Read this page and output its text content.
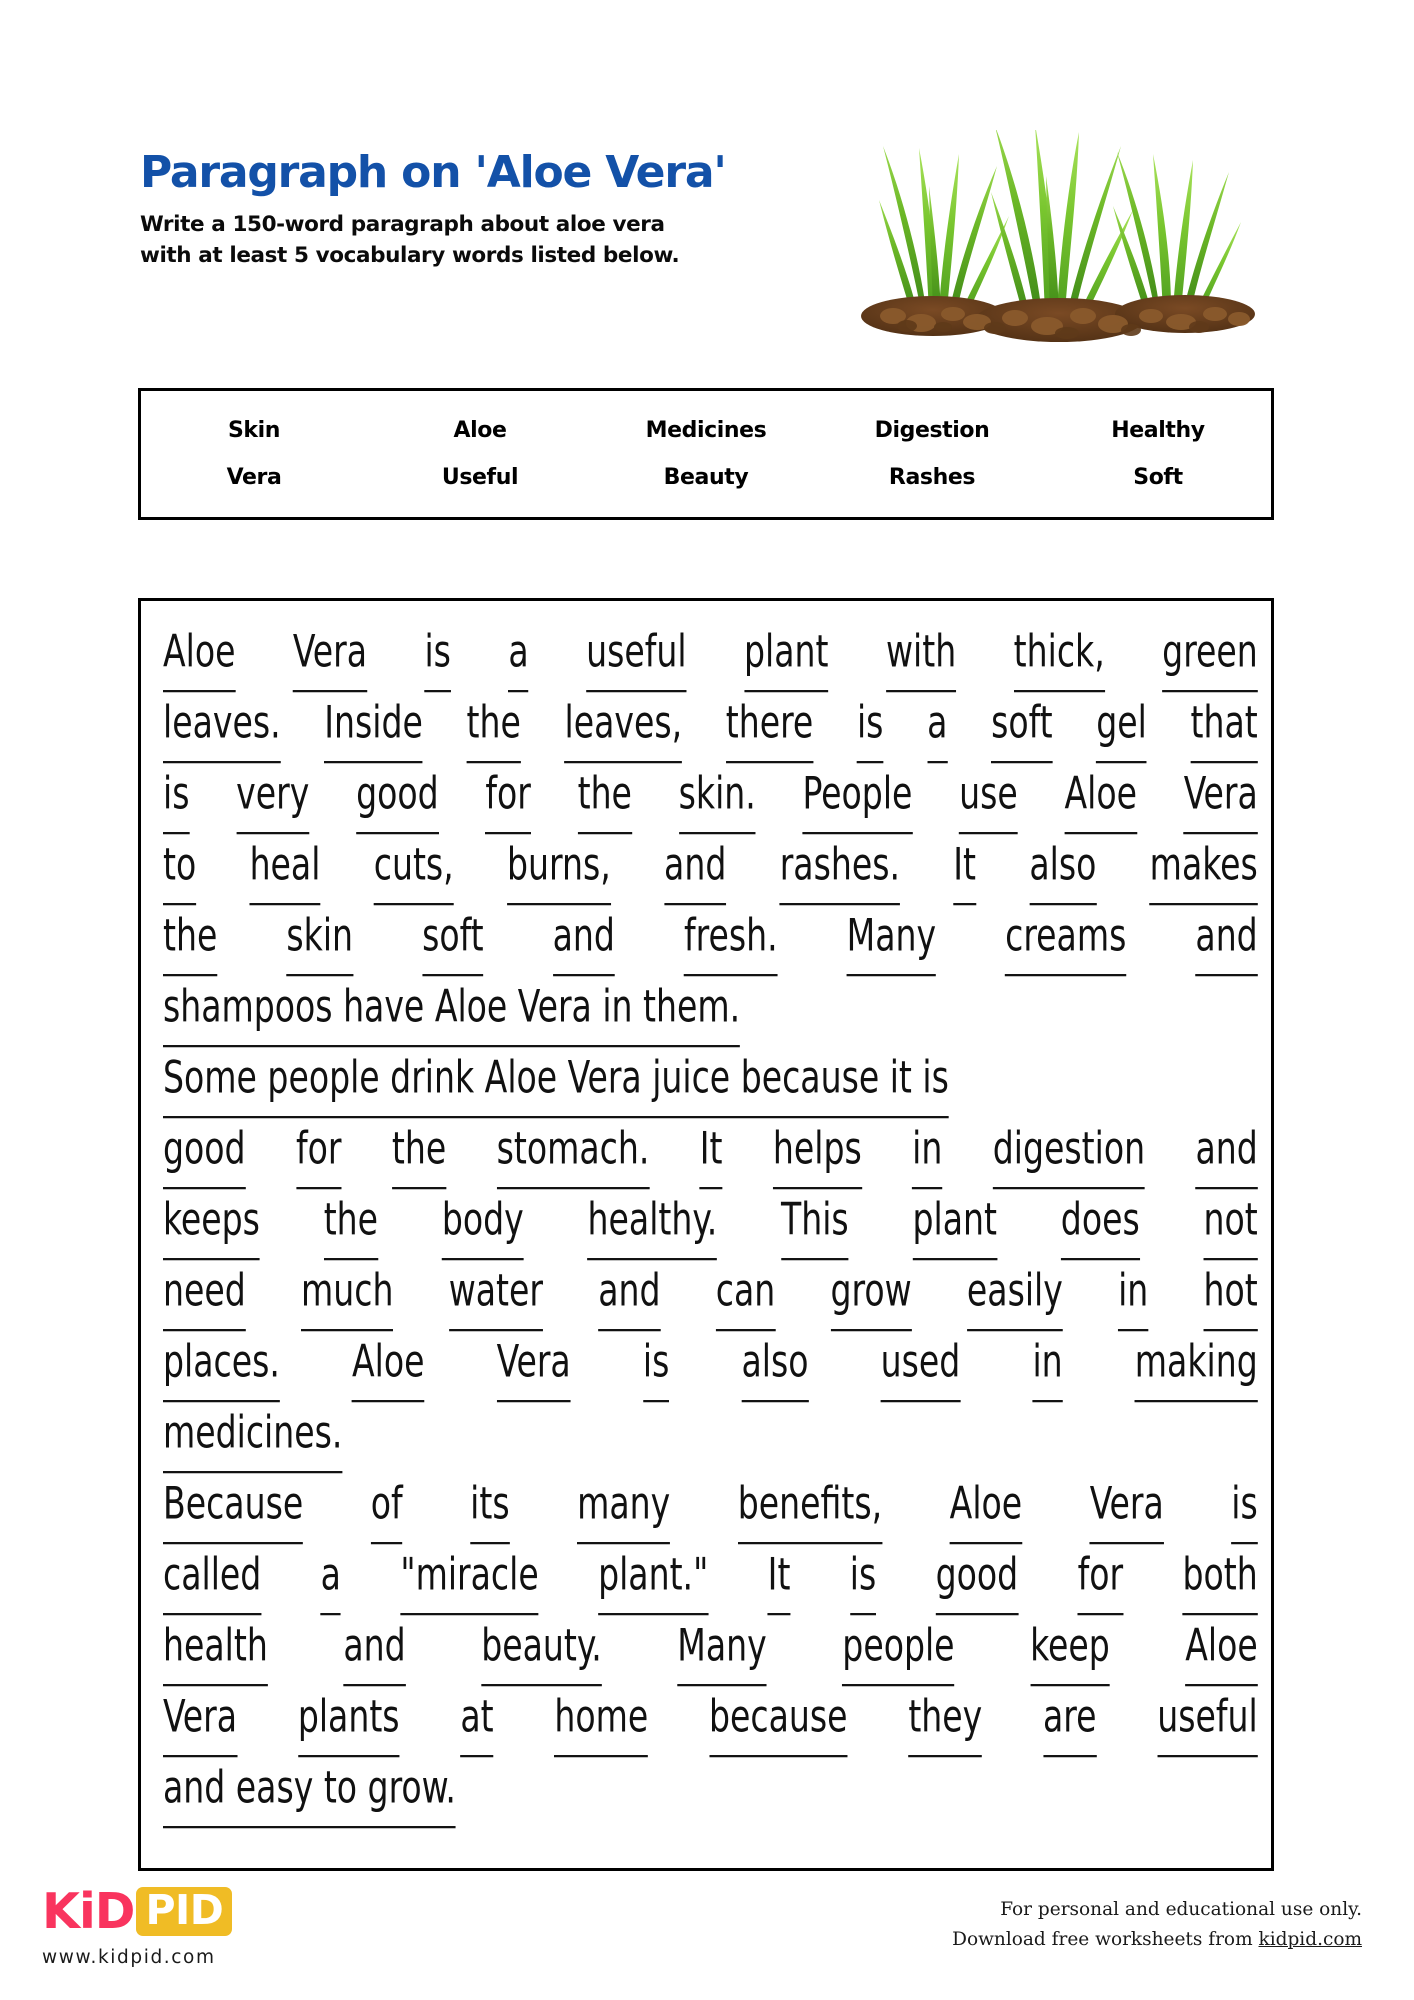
Paragraph on 'Aloe Vera'
Write a 150-word paragraph about aloe vera
with at least 5 vocabulary words listed below.
Skin	Aloe	Medicines	Digestion	Healthy
Vera	Useful	Beauty	Rashes	Soft
Aloe Vera is a useful plant with thick, green
leaves. Inside the leaves, there is a soft gel that
is very good for the skin. People use Aloe Vera
to heal cuts, burns, and rashes. It also makes
the skin soft and fresh. Many creams and
shampoos have Aloe Vera in them.
Some people drink Aloe Vera juice because it is
good for the stomach. It helps in digestion and
keeps the body healthy. This plant does not
need much water and can grow easily in hot
places. Aloe Vera is also used in making
medicines.
Because of its many benefits, Aloe Vera is
called a "miracle plant." It is good for both
health and beauty. Many people keep Aloe
Vera plants at home because they are useful
and easy to grow.
KiD PID
www.kidpid.com
For personal and educational use only.
Download free worksheets from kidpid.com
